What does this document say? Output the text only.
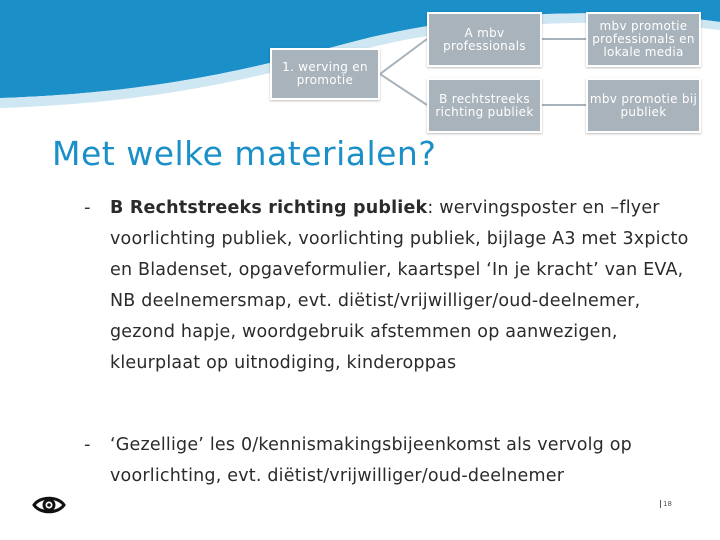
1. werving en promotie
A mbv professionals
B rechtstreeks richting publiek
mbv promotie professionals en lokale media
mbv promotie bij publiek
Met welke materialen?
- B Rechtstreeks richting publiek: wervingsposter en –flyer voorlichting publiek, voorlichting publiek, bijlage A3 met 3xpicto en Bladenset, opgaveformulier, kaartspel ‘In je kracht’ van EVA, NB deelnemersmap, evt. diëtist/vrijwilliger/oud-deelnemer, gezond hapje, woordgebruik afstemmen op aanwezigen, kleurplaat op uitnodiging, kinderoppas
- ‘Gezellige’ les 0/kennismakingsbijeenkomst als vervolg op voorlichting, evt. diëtist/vrijwilliger/oud-deelnemer
18
